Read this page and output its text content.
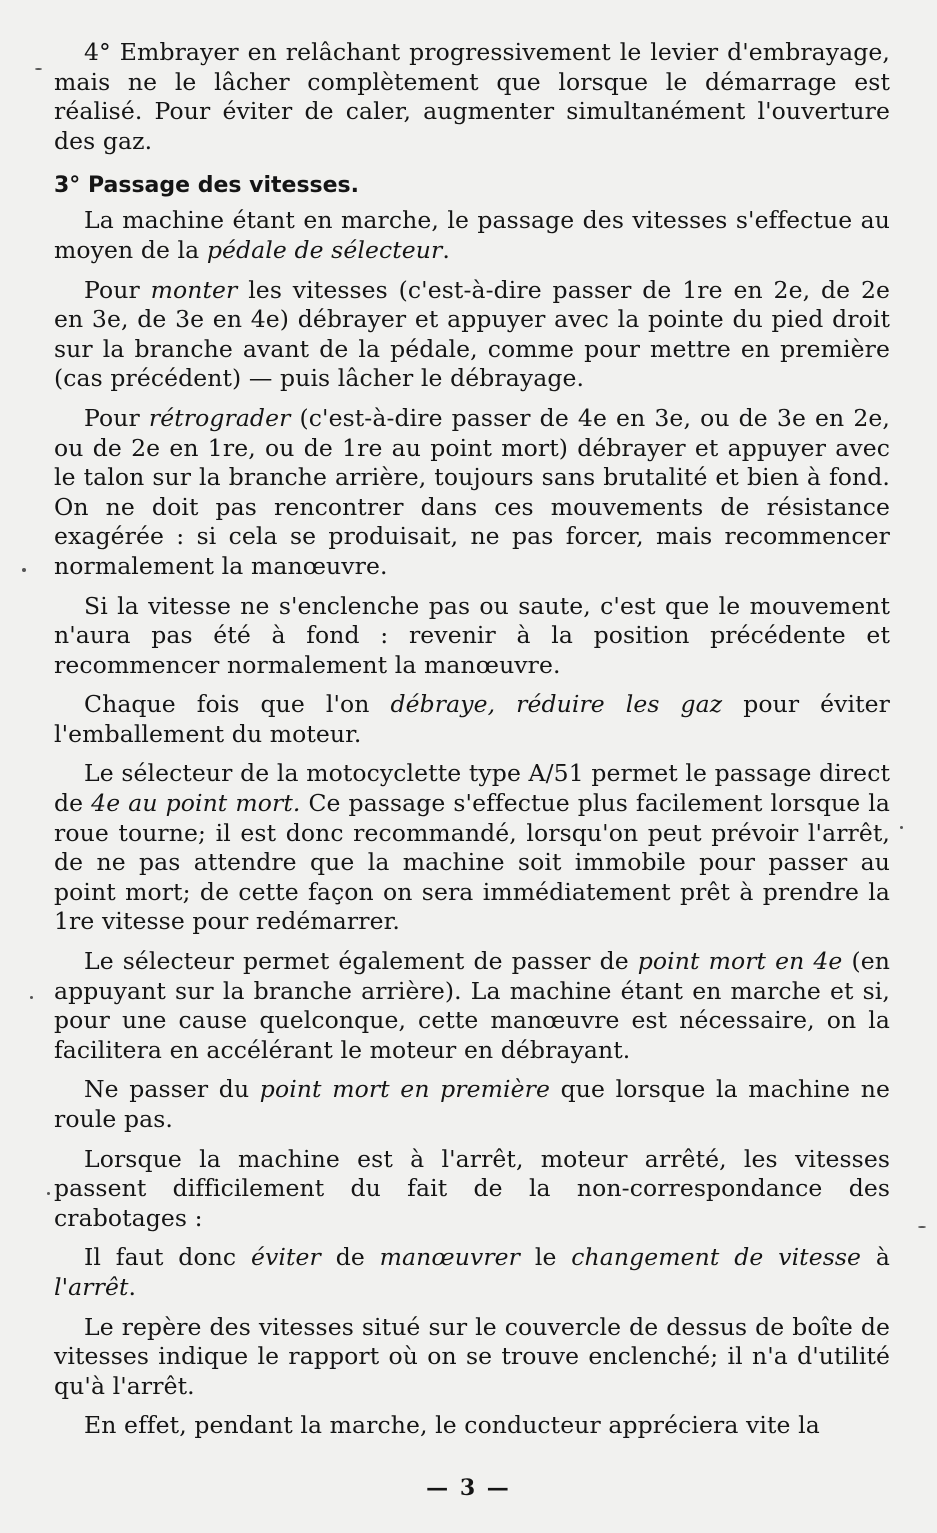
4° Embrayer en relâchant progressivement le levier d'embrayage, mais ne le lâcher complètement que lorsque le démarrage est réalisé. Pour éviter de caler, augmenter simultanément l'ouverture des gaz.

3° Passage des vitesses.

La machine étant en marche, le passage des vitesses s'effectue au moyen de la pédale de sélecteur.

Pour monter les vitesses (c'est-à-dire passer de 1re en 2e, de 2e en 3e, de 3e en 4e) débrayer et appuyer avec la pointe du pied droit sur la branche avant de la pédale, comme pour mettre en première (cas précédent) — puis lâcher le débrayage.

Pour rétrograder (c'est-à-dire passer de 4e en 3e, ou de 3e en 2e, ou de 2e en 1re, ou de 1re au point mort) débrayer et appuyer avec le talon sur la branche arrière, toujours sans brutalité et bien à fond. On ne doit pas rencontrer dans ces mouvements de résistance exagérée : si cela se produisait, ne pas forcer, mais recommencer normalement la manœuvre.

Si la vitesse ne s'enclenche pas ou saute, c'est que le mouvement n'aura pas été à fond : revenir à la position précédente et recommencer normalement la manœuvre.

Chaque fois que l'on débraye, réduire les gaz pour éviter l'emballement du moteur.

Le sélecteur de la motocyclette type A/51 permet le passage direct de 4e au point mort. Ce passage s'effectue plus facilement lorsque la roue tourne; il est donc recommandé, lorsqu'on peut prévoir l'arrêt, de ne pas attendre que la machine soit immobile pour passer au point mort; de cette façon on sera immédiatement prêt à prendre la 1re vitesse pour redémarrer.

Le sélecteur permet également de passer de point mort en 4e (en appuyant sur la branche arrière). La machine étant en marche et si, pour une cause quelconque, cette manœuvre est nécessaire, on la facilitera en accélérant le moteur en débrayant.

Ne passer du point mort en première que lorsque la machine ne roule pas.

Lorsque la machine est à l'arrêt, moteur arrêté, les vitesses passent difficilement du fait de la non-correspondance des crabotages :

Il faut donc éviter de manœuvrer le changement de vitesse à l'arrêt.

Le repère des vitesses situé sur le couvercle de dessus de boîte de vitesses indique le rapport où on se trouve enclenché; il n'a d'utilité qu'à l'arrêt.

En effet, pendant la marche, le conducteur appréciera vite la

— 3 —
